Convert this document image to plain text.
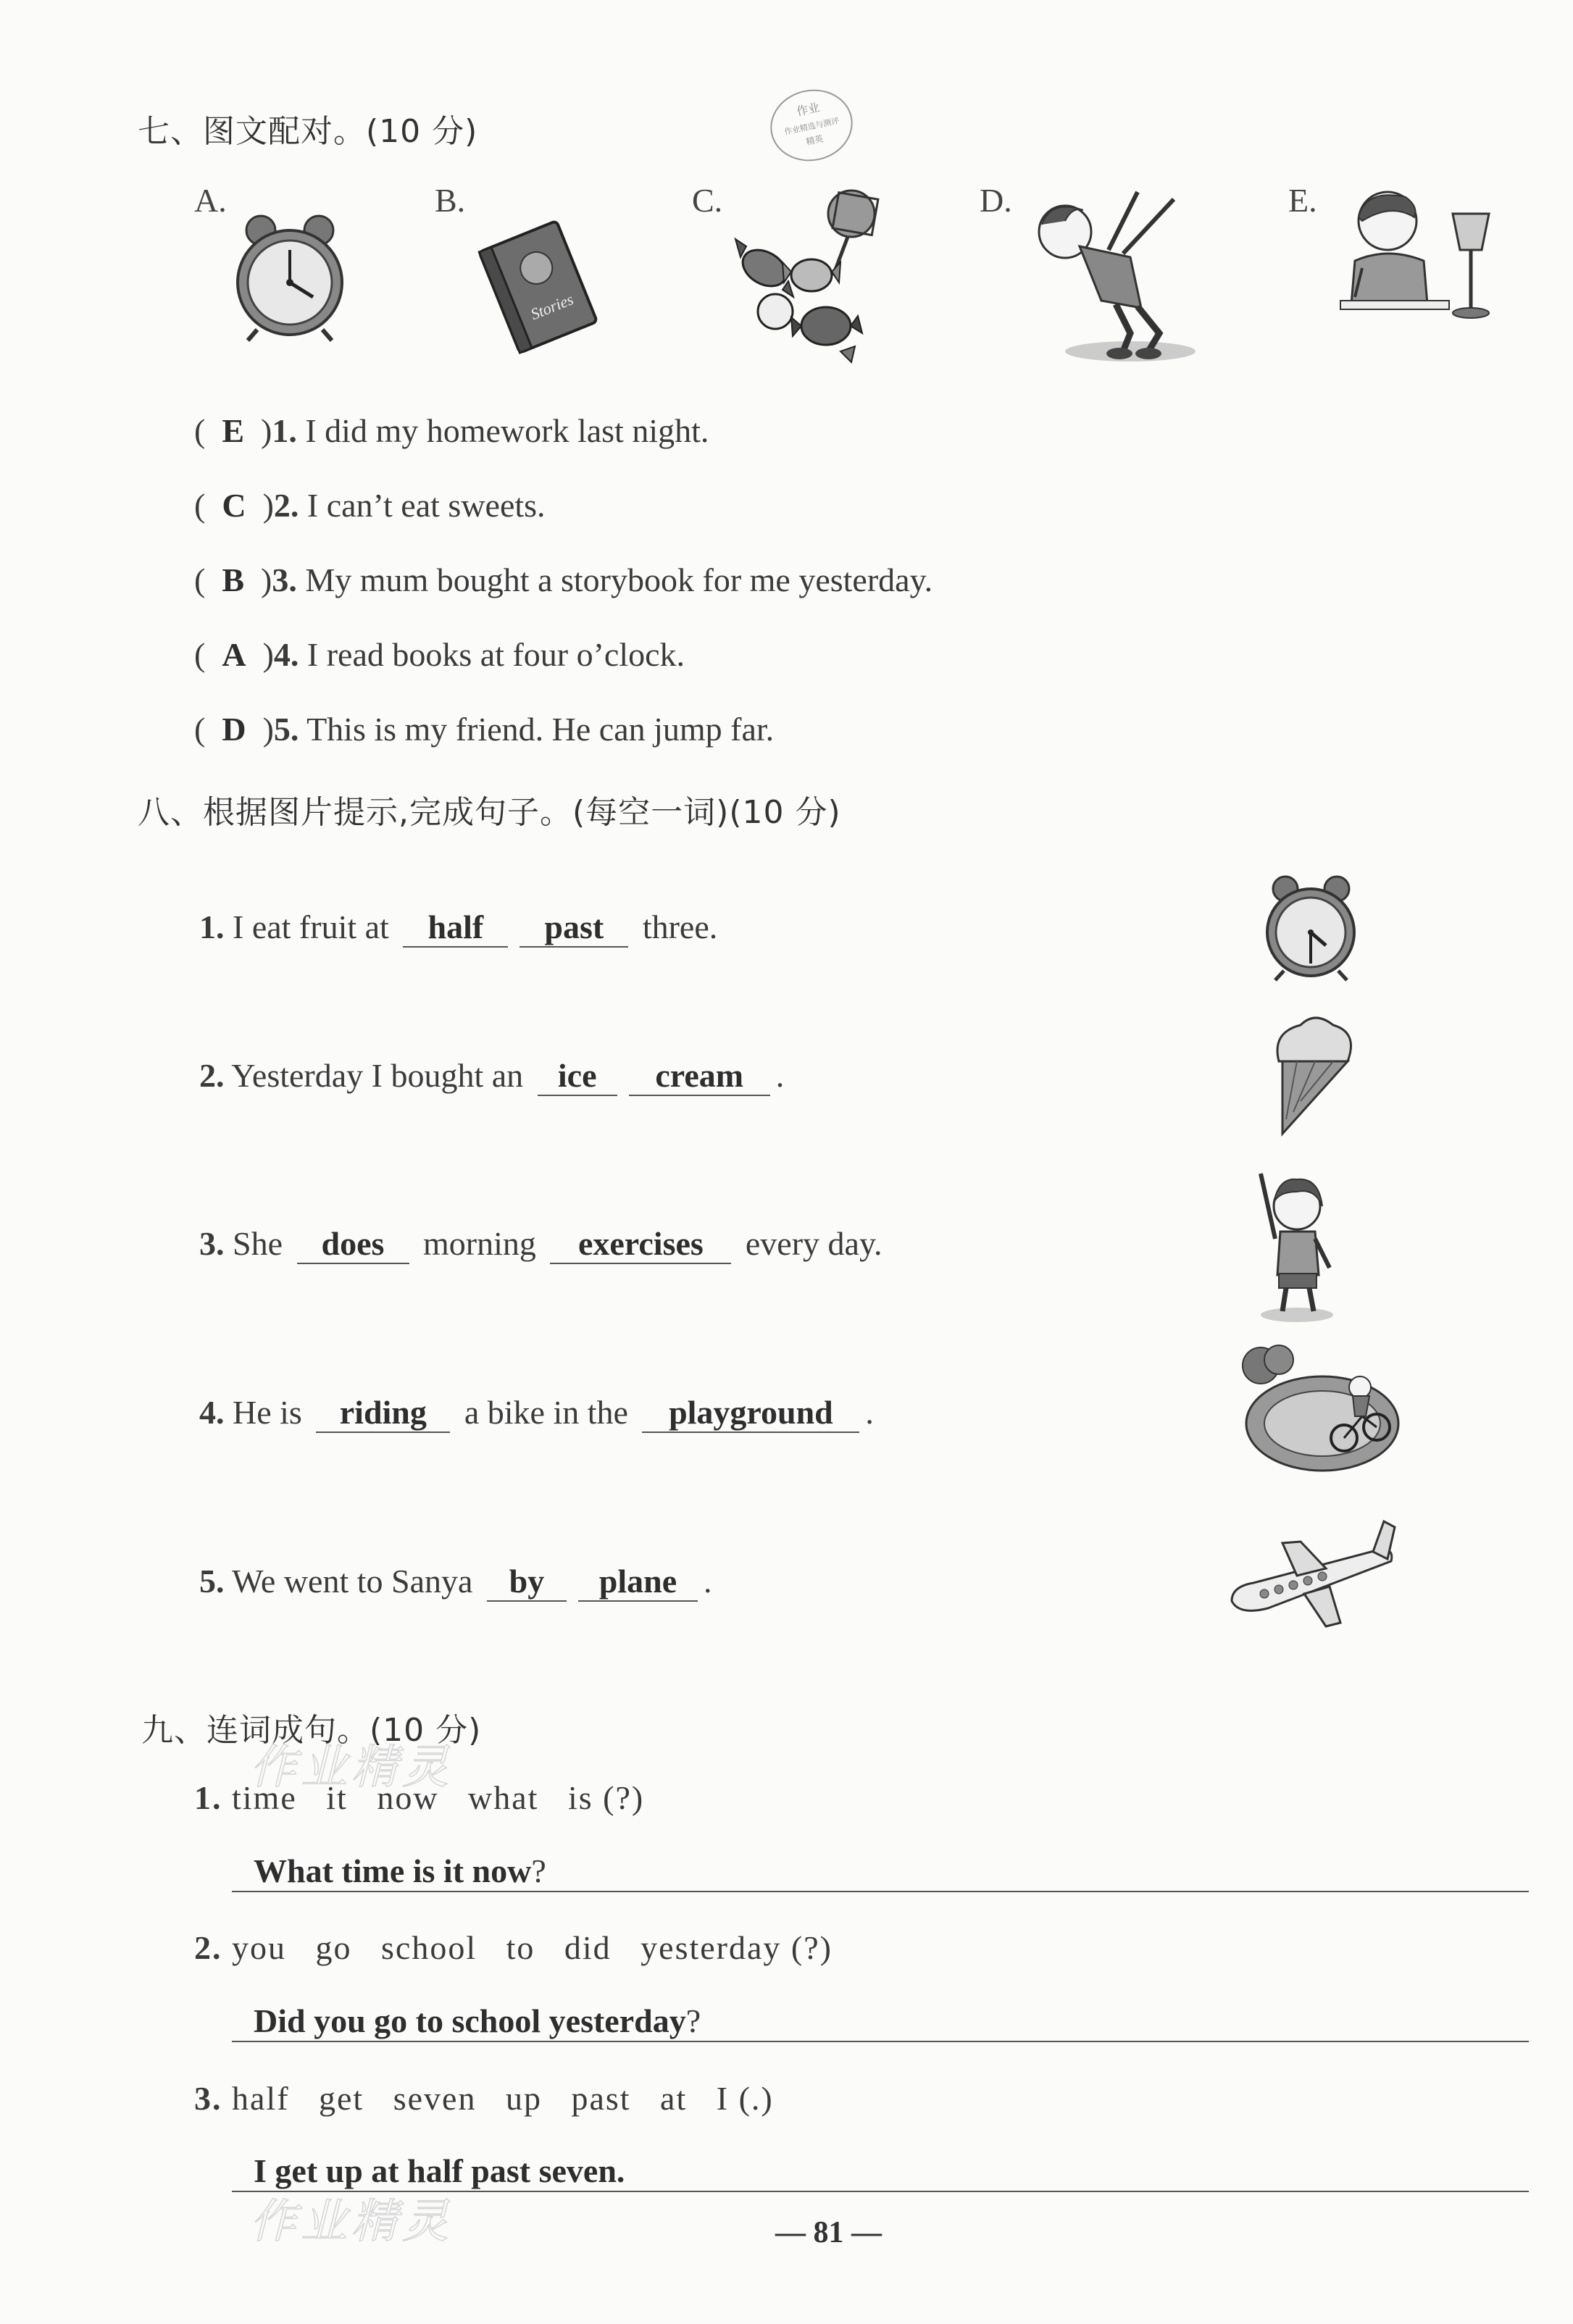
七、图文配对。(10 分)
作业
作业精选与测评
精英
A.	B.	C.	D.	E.
Stories
(  E  )1. I did my homework last night.
(  C  )2. I can’t eat sweets.
(  B  )3. My mum bought a storybook for me yesterday.
(  A  )4. I read books at four o’clock.
(  D  )5. This is my friend. He can jump far.
八、根据图片提示,完成句子。(每空一词)(10 分)
1. I eat fruit at half past three.
2. Yesterday I bought an ice cream .
3. She does morning exercises every day.
4. He is riding a bike in the playground .
5. We went to Sanya by plane .
九、连词成句。(10 分)
作业精灵
1. time   it   now   what   is (?)
What time is it now?
2. you   go   school   to   did   yesterday (?)
Did you go to school yesterday?
3. half   get   seven   up   past   at   I (.)
I get up at half past seven.
作业精灵	— 81 —
